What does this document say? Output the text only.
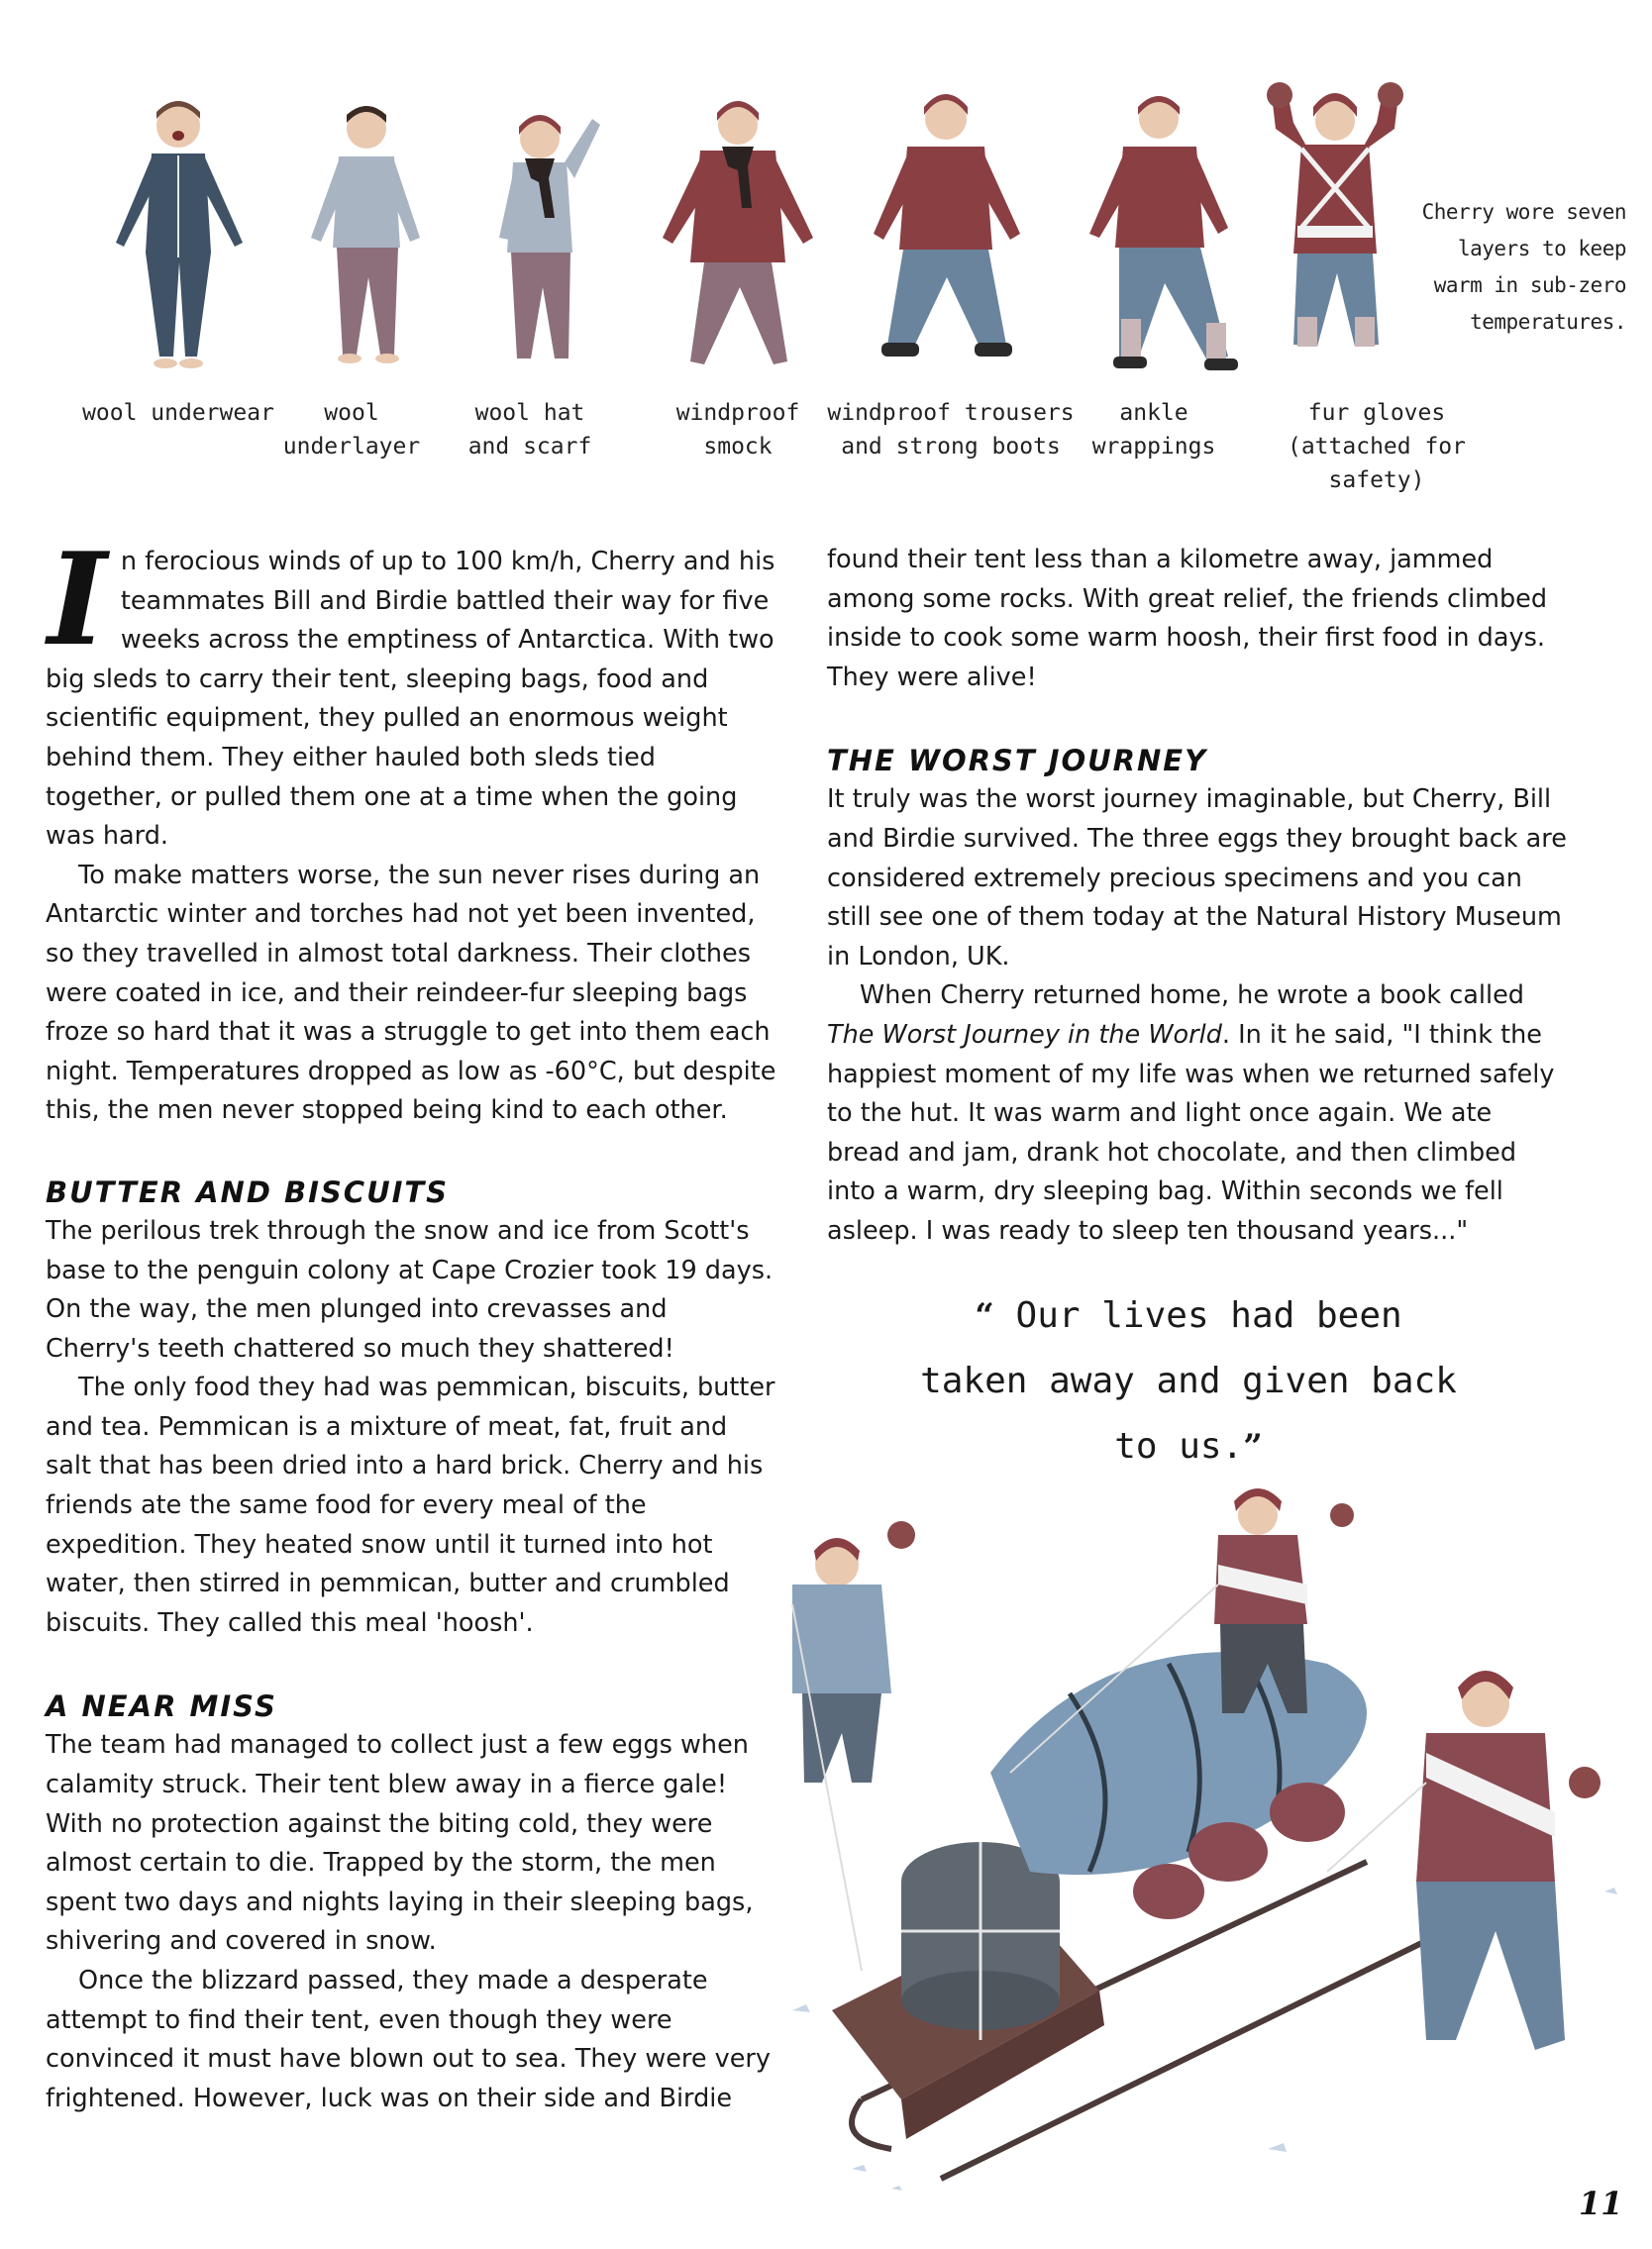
wool underwear	wool
underlayer
wool hat
and scarf
windproof
smock
windproof trousers
and strong boots
ankle
wrappings
fur gloves
(attached for safety)
Cherry wore seven layers to keep warm in sub-zero temperatures.

In ferocious winds of up to 100 km/h, Cherry and his teammates Bill and Birdie battled their way for five weeks across the emptiness of Antarctica. With two big sleds to carry their tent, sleeping bags, food and scientific equipment, they pulled an enormous weight behind them. They either hauled both sleds tied together, or pulled them one at a time when the going was hard.

To make matters worse, the sun never rises during an Antarctic winter and torches had not yet been invented, so they travelled in almost total darkness. Their clothes were coated in ice, and their reindeer-fur sleeping bags froze so hard that it was a struggle to get into them each night. Temperatures dropped as low as -60°C, but despite this, the men never stopped being kind to each other.

BUTTER AND BISCUITS

The perilous trek through the snow and ice from Scott's base to the penguin colony at Cape Crozier took 19 days. On the way, the men plunged into crevasses and Cherry's teeth chattered so much they shattered!

The only food they had was pemmican, biscuits, butter and tea. Pemmican is a mixture of meat, fat, fruit and salt that has been dried into a hard brick. Cherry and his friends ate the same food for every meal of the expedition. They heated snow until it turned into hot water, then stirred in pemmican, butter and crumbled biscuits. They called this meal 'hoosh'.

A NEAR MISS

The team had managed to collect just a few eggs when calamity struck. Their tent blew away in a fierce gale! With no protection against the biting cold, they were almost certain to die. Trapped by the storm, the men spent two days and nights laying in their sleeping bags, shivering and covered in snow.

Once the blizzard passed, they made a desperate attempt to find their tent, even though they were convinced it must have blown out to sea. They were very frightened. However, luck was on their side and Birdie

found their tent less than a kilometre away, jammed among some rocks. With great relief, the friends climbed inside to cook some warm hoosh, their first food in days. They were alive!

THE WORST JOURNEY

It truly was the worst journey imaginable, but Cherry, Bill and Birdie survived. The three eggs they brought back are considered extremely precious specimens and you can still see one of them today at the Natural History Museum in London, UK.

When Cherry returned home, he wrote a book called The Worst Journey in the World. In it he said, "I think the happiest moment of my life was when we returned safely to the hut. It was warm and light once again. We ate bread and jam, drank hot chocolate, and then climbed into a warm, dry sleeping bag. Within seconds we fell asleep. I was ready to sleep ten thousand years..."

“ Our lives had been taken away and given back to us.”
11
